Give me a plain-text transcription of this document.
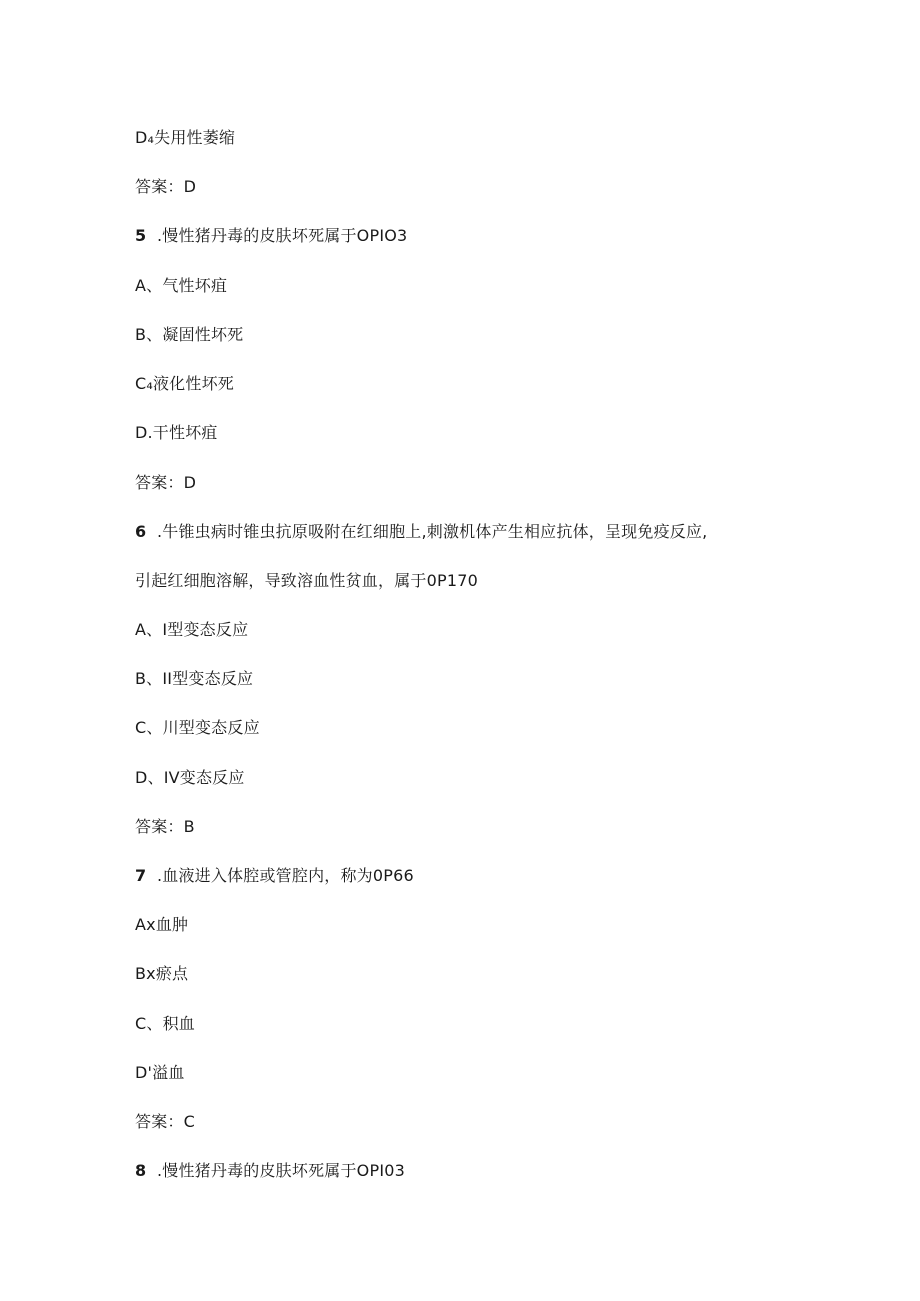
D₄失用性萎缩
答案：D
5 .慢性猪丹毒的皮肤坏死属于OPIO3
A、气性坏疽
B、凝固性坏死
C₄液化性坏死
D.干性坏疽
答案：D
6 .牛锥虫病时锥虫抗原吸附在红细胞上,刺激机体产生相应抗体，呈现免疫反应,
引起红细胞溶解，导致溶血性贫血，属于0P170
A、I型变态反应
B、II型变态反应
C、川型变态反应
D、IV变态反应
答案：B
7 .血液进入体腔或管腔内，称为0P66
Ax血肿
Bx瘀点
C、积血
D'溢血
答案：C
8 .慢性猪丹毒的皮肤坏死属于OPI03
